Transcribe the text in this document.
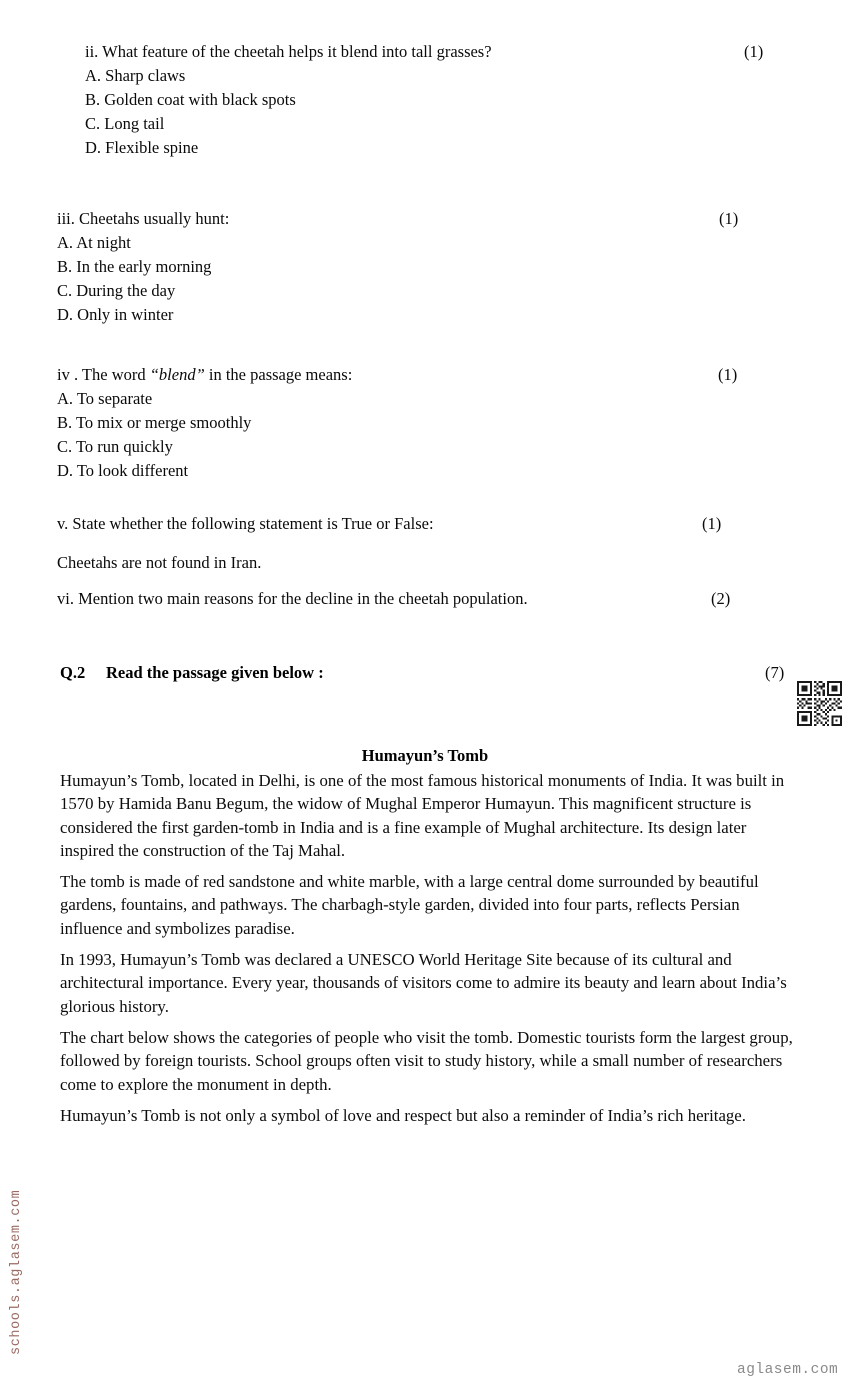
ii. What feature of the cheetah helps it blend into tall grasses?
A. Sharp claws
B. Golden coat with black spots
C. Long tail
D. Flexible spine
(1)
iii. Cheetahs usually hunt:
A. At night
B. In the early morning
C. During the day
D. Only in winter
(1)
iv . The word “blend” in the passage means:
A. To separate
B. To mix or merge smoothly
C. To run quickly
D. To look different
(1)
v. State whether the following statement is True or False:	(1)
Cheetahs are not found in Iran.
vi. Mention two main reasons for the decline in the cheetah population.	(2)
Q.2 Read the passage given below :	(7)
Humayun’s Tomb
Humayun’s Tomb, located in Delhi, is one of the most famous historical monuments of India. It was built in 1570 by Hamida Banu Begum, the widow of Mughal Emperor Humayun. This magnificent structure is considered the first garden-tomb in India and is a fine example of Mughal architecture. Its design later inspired the construction of the Taj Mahal.
The tomb is made of red sandstone and white marble, with a large central dome surrounded by beautiful gardens, fountains, and pathways. The charbagh-style garden, divided into four parts, reflects Persian influence and symbolizes paradise.
In 1993, Humayun’s Tomb was declared a UNESCO World Heritage Site because of its cultural and architectural importance. Every year, thousands of visitors come to admire its beauty and learn about India’s glorious history.
The chart below shows the categories of people who visit the tomb. Domestic tourists form the largest group, followed by foreign tourists. School groups often visit to study history, while a small number of researchers come to explore the monument in depth.
Humayun’s Tomb is not only a symbol of love and respect but also a reminder of India’s rich heritage.
schools.aglasem.com
aglasem.com
